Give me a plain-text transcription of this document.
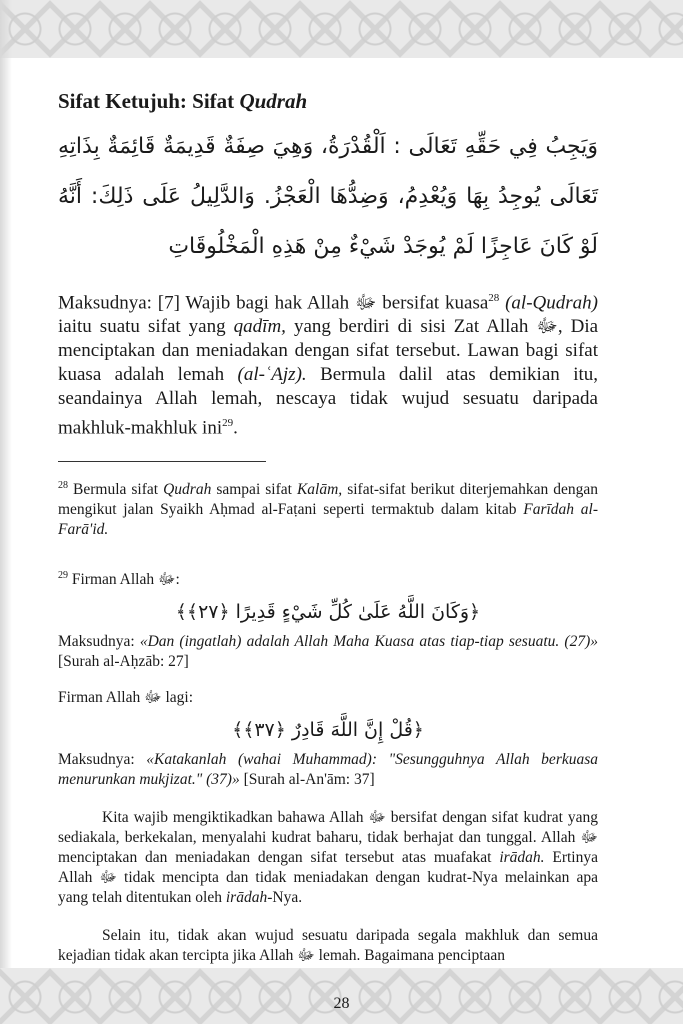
Sifat Ketujuh: Sifat Qudrah

وَيَجِبُ فِي حَقِّهِ تَعَالَى : اَلْقُدْرَةُ، وَهِيَ صِفَةٌ قَدِيمَةٌ قَائِمَةٌ بِذَاتِهِ تَعَالَى يُوجِدُ بِهَا وَيُعْدِمُ، وَضِدُّهَا الْعَجْزُ. وَالدَّلِيلُ عَلَى ذَلِكَ: أَنَّهُ لَوْ كَانَ عَاجِزًا لَمْ يُوجَدْ شَيْءٌ مِنْ هَذِهِ الْمَخْلُوقَاتِ

Maksudnya: [7] Wajib bagi hak Allah ﷻ bersifat kuasa$^{28}$ (al-Qudrah) iaitu suatu sifat yang qadīm, yang berdiri di sisi Zat Allah ﷻ, Dia menciptakan dan meniadakan dengan sifat tersebut. Lawan bagi sifat kuasa adalah lemah (al-ʿAjz). Bermula dalil atas demikian itu, seandainya Allah lemah, nescaya tidak wujud sesuatu daripada makhluk-makhluk ini$^{29}$.

$^{28}$ Bermula sifat Qudrah sampai sifat Kalām, sifat-sifat berikut diterjemahkan dengan mengikut jalan Syaikh Aḥmad al-Faṭani seperti termaktub dalam kitab Farīdah al-Farā'id.

$^{29}$ Firman Allah ﷻ:

﴿وَكَانَ اللَّهُ عَلَىٰ كُلِّ شَيْءٍ قَدِيرًا ﴿٢٧﴾﴾

Maksudnya: «Dan (ingatlah) adalah Allah Maha Kuasa atas tiap-tiap sesuatu. (27)» [Surah al-Aḥzāb: 27]

Firman Allah ﷻ lagi:

﴿قُلْ إِنَّ اللَّهَ قَادِرٌ ﴿٣٧﴾﴾

Maksudnya: «Katakanlah (wahai Muhammad): "Sesungguhnya Allah berkuasa menurunkan mukjizat." (37)» [Surah al-An'ām: 37]

Kita wajib mengiktikadkan bahawa Allah ﷻ bersifat dengan sifat kudrat yang sediakala, berkekalan, menyalahi kudrat baharu, tidak berhajat dan tunggal. Allah ﷻ menciptakan dan meniadakan dengan sifat tersebut atas muafakat irādah. Ertinya Allah ﷻ tidak mencipta dan tidak meniadakan dengan kudrat-Nya melainkan apa yang telah ditentukan oleh irādah-Nya.

Selain itu, tidak akan wujud sesuatu daripada segala makhluk dan semua kejadian tidak akan tercipta jika Allah ﷻ lemah. Bagaimana penciptaan

28
